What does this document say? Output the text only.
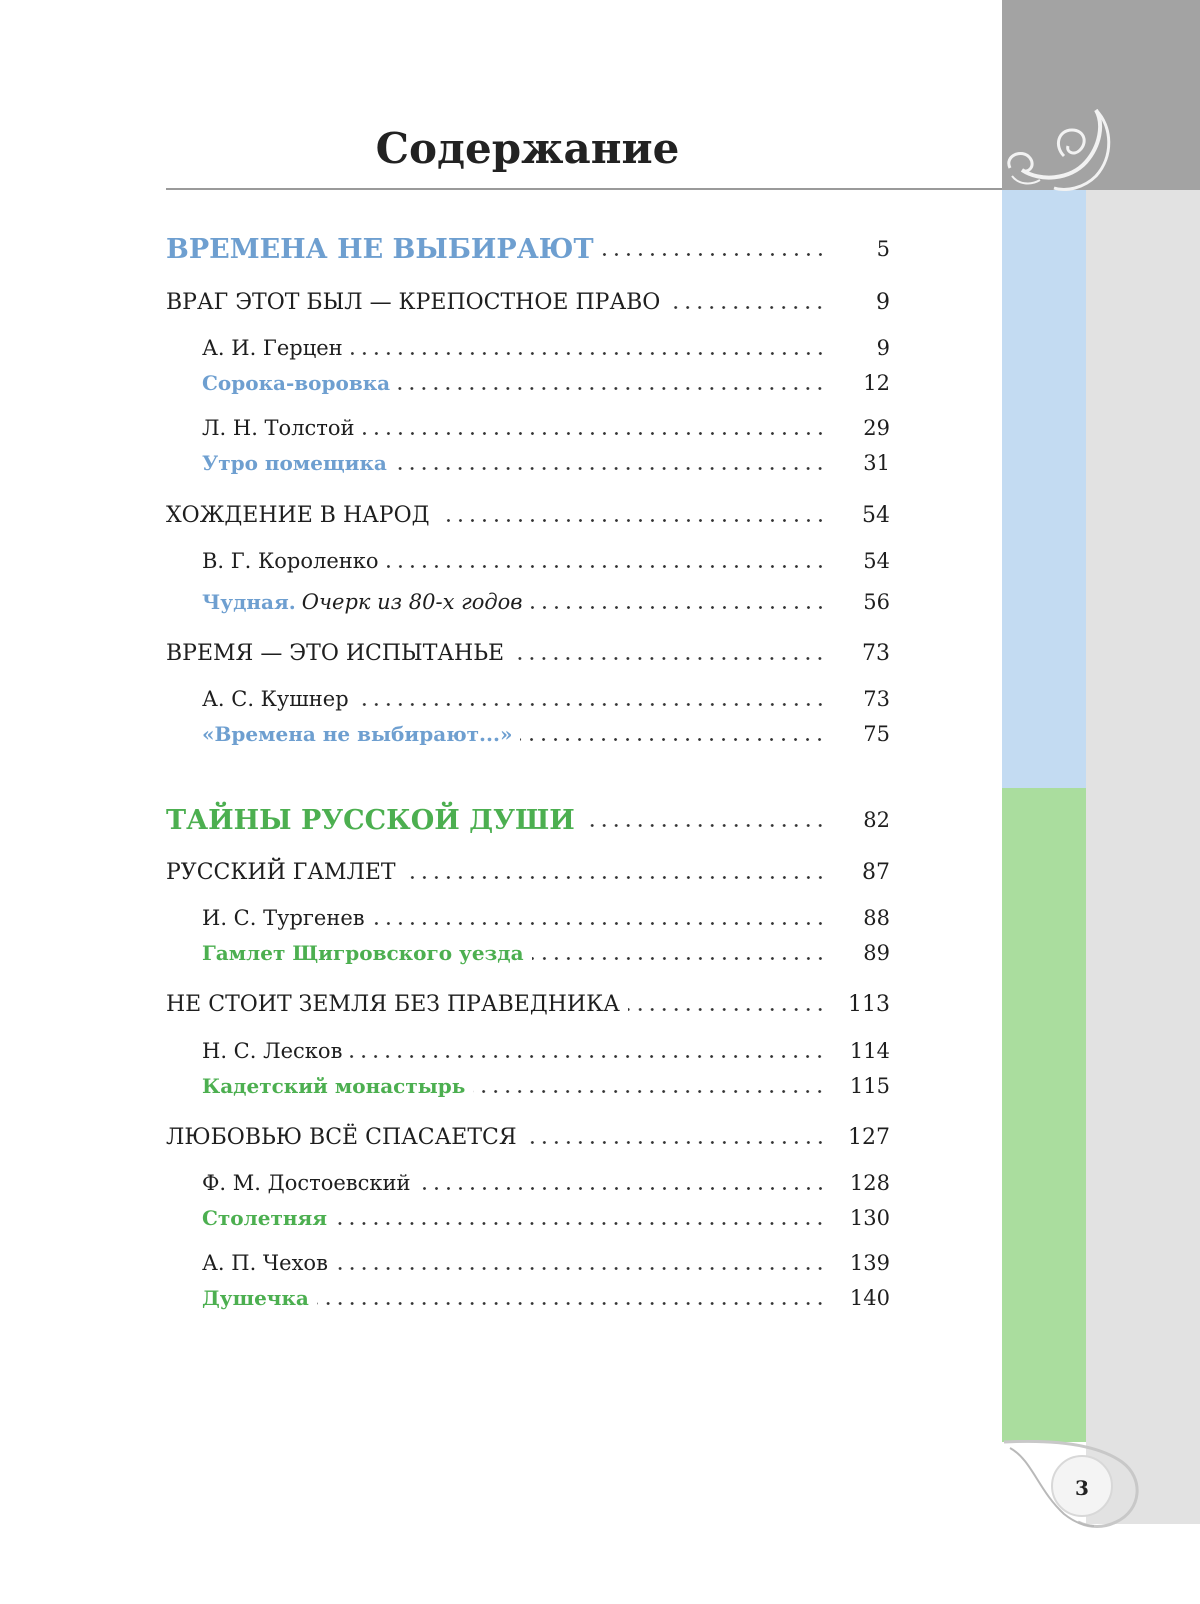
3
Содержание
ВРЕМЕНА НЕ ВЫБИРАЮТ	5
ВРАГ ЭТОТ БЫЛ — КРЕПОСТНОЕ ПРАВО	9
А. И. Герцен	9
Сорока-воровка	12
Л. Н. Толстой	29
Утро помещика	31
ХОЖДЕНИЕ В НАРОД	54
В. Г. Короленко	54
Чудная. Очерк из 80-х годов	56
ВРЕМЯ — ЭТО ИСПЫТАНЬЕ	73
А. С. Кушнер	73
«Времена не выбирают...»	75
ТАЙНЫ РУССКОЙ ДУШИ	82
РУССКИЙ ГАМЛЕТ	87
И. С. Тургенев	88
Гамлет Щигровского уезда	89
НЕ СТОИТ ЗЕМЛЯ БЕЗ ПРАВЕДНИКА	113
Н. С. Лесков	114
Кадетский монастырь	115
ЛЮБОВЬЮ ВСЁ СПАСАЕТСЯ	127
Ф. М. Достоевский	128
Столетняя	130
А. П. Чехов	139
Душечка	140
